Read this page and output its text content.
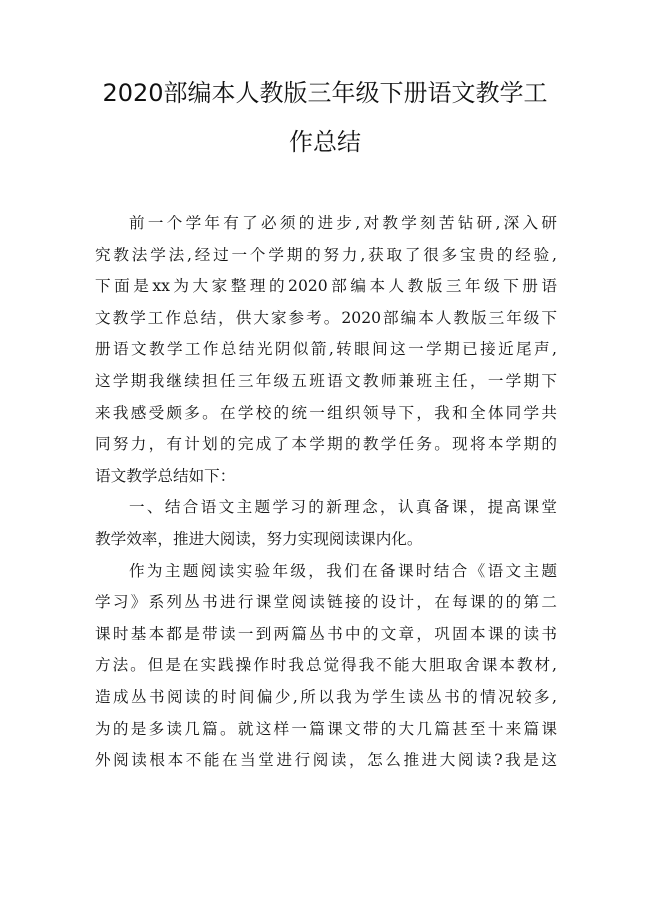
2020部编本人教版三年级下册语文教学工
作总结
前一个学年有了必须的进步,对教学刻苦钻研,深入研
究教法学法,经过一个学期的努力,获取了很多宝贵的经验,
下面是xx为大家整理的2020部编本人教版三年级下册语
文教学工作总结，供大家参考。2020部编本人教版三年级下
册语文教学工作总结光阴似箭,转眼间这一学期已接近尾声,
这学期我继续担任三年级五班语文教师兼班主任，一学期下
来我感受颇多。在学校的统一组织领导下，我和全体同学共
同努力，有计划的完成了本学期的教学任务。现将本学期的
语文教学总结如下：
一、结合语文主题学习的新理念，认真备课，提高课堂
教学效率，推进大阅读，努力实现阅读课内化。
作为主题阅读实验年级，我们在备课时结合《语文主题
学习》系列丛书进行课堂阅读链接的设计，在每课的的第二
课时基本都是带读一到两篇丛书中的文章，巩固本课的读书
方法。但是在实践操作时我总觉得我不能大胆取舍课本教材,
造成丛书阅读的时间偏少,所以我为学生读丛书的情况较多,
为的是多读几篇。就这样一篇课文带的大几篇甚至十来篇课
外阅读根本不能在当堂进行阅读，怎么推进大阅读?我是这
